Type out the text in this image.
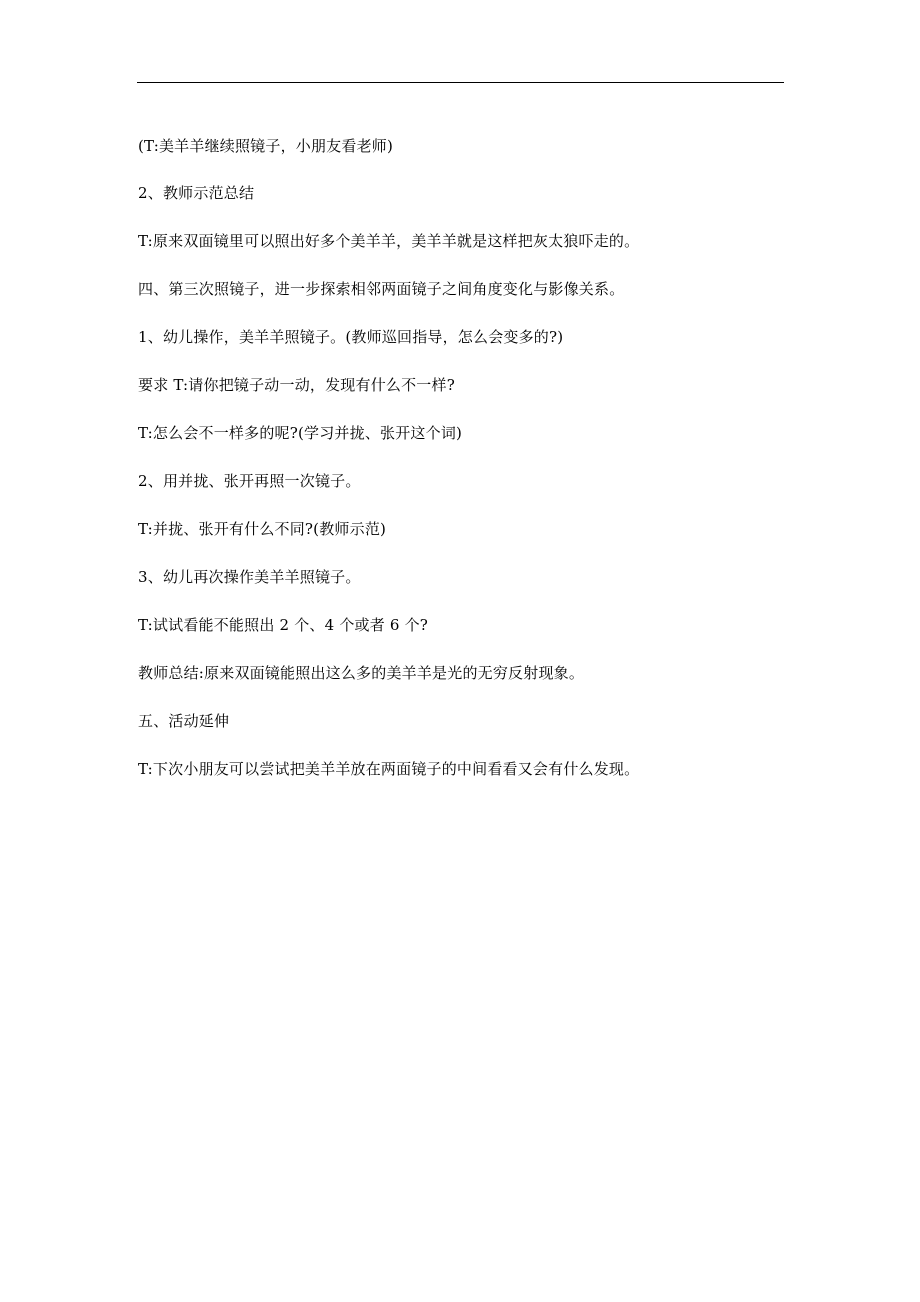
(T:美羊羊继续照镜子，小朋友看老师)
2、教师示范总结
T:原来双面镜里可以照出好多个美羊羊，美羊羊就是这样把灰太狼吓走的。
四、第三次照镜子，进一步探索相邻两面镜子之间角度变化与影像关系。
1、幼儿操作，美羊羊照镜子。(教师巡回指导，怎么会变多的?)
要求 T:请你把镜子动一动，发现有什么不一样?
T:怎么会不一样多的呢?(学习并拢、张开这个词)
2、用并拢、张开再照一次镜子。
T:并拢、张开有什么不同?(教师示范)
3、幼儿再次操作美羊羊照镜子。
T:试试看能不能照出 2 个、4 个或者 6 个?
教师总结:原来双面镜能照出这么多的美羊羊是光的无穷反射现象。
五、活动延伸
T:下次小朋友可以尝试把美羊羊放在两面镜子的中间看看又会有什么发现。
